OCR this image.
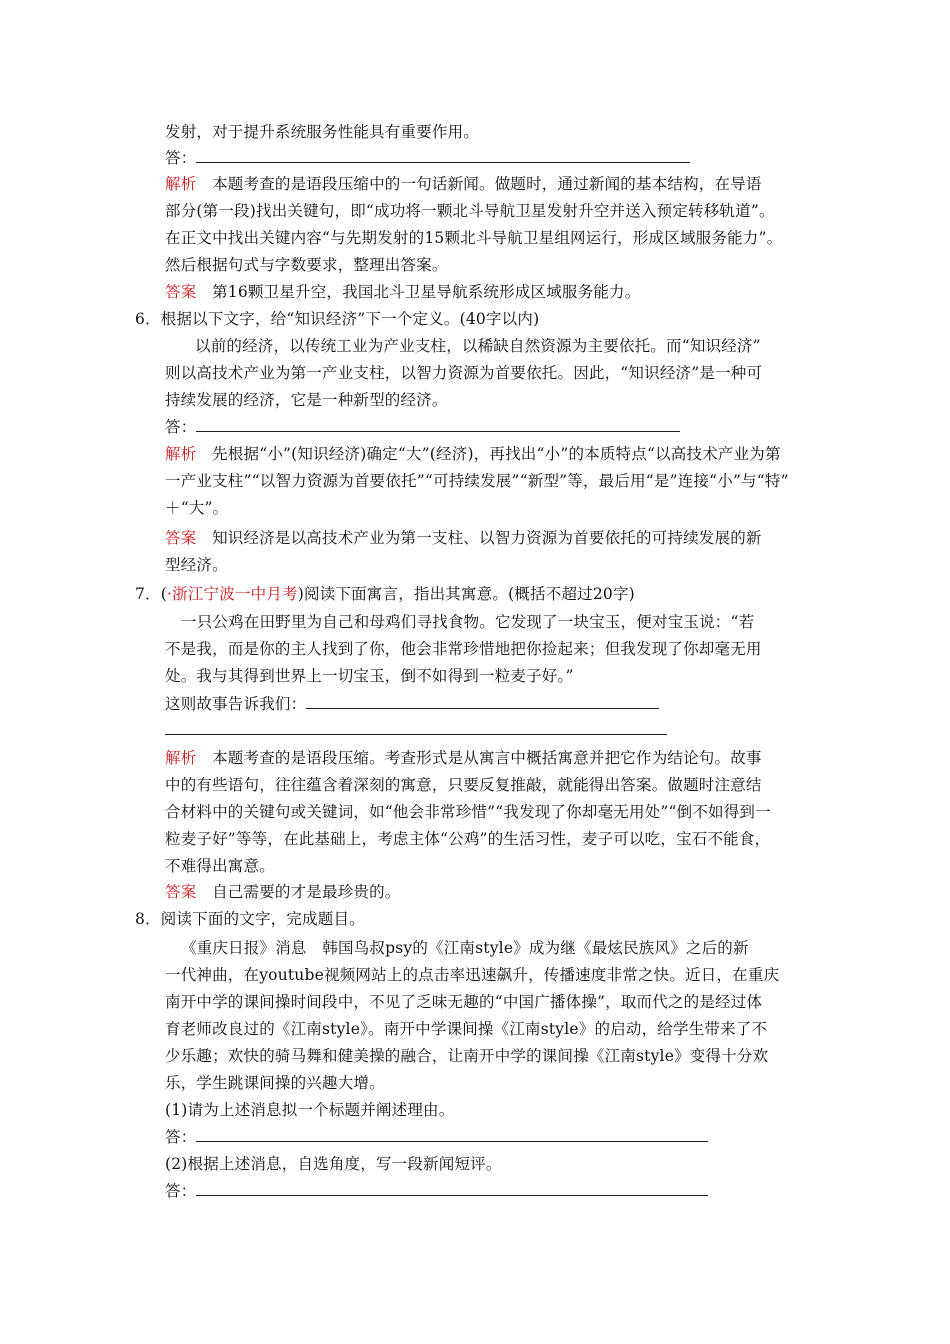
发射，对于提升系统服务性能具有重要作用。
答：
解析　 本题考查的是语段压缩中的一句话新闻。做题时，通过新闻的基本结构，在导语
部分(第一段)找出关键句，即“成功将一颗北斗导航卫星发射升空并送入预定转移轨道”。
在正文中找出关键内容“与先期发射的15颗北斗导航卫星组网运行，形成区域服务能力”。
然后根据句式与字数要求，整理出答案。
答案　 第16颗卫星升空，我国北斗卫星导航系统形成区域服务能力。
6．根据以下文字，给“知识经济”下一个定义。(40字以内)
以前的经济，以传统工业为产业支柱，以稀缺自然资源为主要依托。而“知识经济”
则以高技术产业为第一产业支柱，以智力资源为首要依托。因此，“知识经济”是一种可
持续发展的经济，它是一种新型的经济。
答：
解析　 先根据“小”(知识经济)确定“大”(经济)，再找出“小”的本质特点“以高技术产业为第
一产业支柱”“以智力资源为首要依托”“可持续发展”“新型”等，最后用“是”连接“小”与“特”
＋“大”。
答案　 知识经济是以高技术产业为第一支柱、以智力资源为首要依托的可持续发展的新
型经济。
7．(·浙江宁波一中月考)阅读下面寓言，指出其寓意。(概括不超过20字)
一只公鸡在田野里为自己和母鸡们寻找食物。它发现了一块宝玉，便对宝玉说：“若
不是我，而是你的主人找到了你，他会非常珍惜地把你捡起来；但我发现了你却毫无用
处。我与其得到世界上一切宝玉，倒不如得到一粒麦子好。”
这则故事告诉我们：
解析　 本题考查的是语段压缩。考查形式是从寓言中概括寓意并把它作为结论句。故事
中的有些语句，往往蕴含着深刻的寓意，只要反复推敲，就能得出答案。做题时注意结
合材料中的关键句或关键词，如“他会非常珍惜”“我发现了你却毫无用处”“倒不如得到一
粒麦子好”等等，在此基础上，考虑主体“公鸡”的生活习性，麦子可以吃，宝石不能食，
不难得出寓意。
答案　 自己需要的才是最珍贵的。
8．阅读下面的文字，完成题目。
《重庆日报》消息　韩国鸟叔psy的《江南style》成为继《最炫民族风》之后的新
一代神曲，在youtube视频网站上的点击率迅速飙升，传播速度非常之快。近日，在重庆
南开中学的课间操时间段中，不见了乏味无趣的“中国广播体操”，取而代之的是经过体
育老师改良过的《江南style》。南开中学课间操《江南style》的启动，给学生带来了不
少乐趣；欢快的骑马舞和健美操的融合，让南开中学的课间操《江南style》变得十分欢
乐，学生跳课间操的兴趣大增。
(1)请为上述消息拟一个标题并阐述理由。
答：
(2)根据上述消息，自选角度，写一段新闻短评。
答：
